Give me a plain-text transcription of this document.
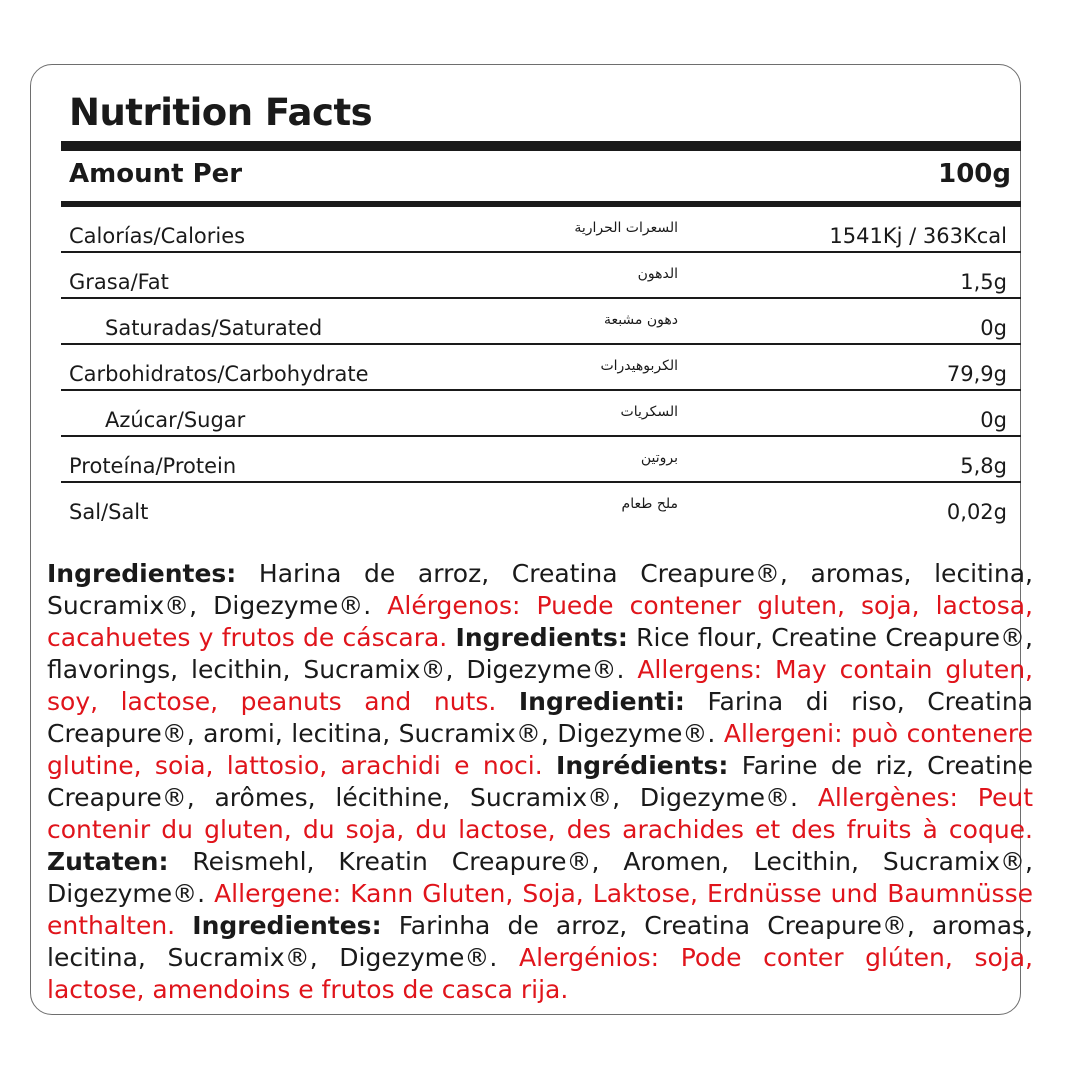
Nutrition Facts
Amount Per	100g
Calorías/Calories	السعرات الحرارية	1541Kj / 363Kcal
Grasa/Fat	الدهون	1,5g
Saturadas/Saturated	دهون مشبعة	0g
Carbohidratos/Carbohydrate	الكربوهيدرات	79,9g
Azúcar/Sugar	السكريات	0g
Proteína/Protein	بروتين	5,8g
Sal/Salt	ملح طعام	0,02g
Ingredientes: Harina de arroz, Creatina Creapure®, aromas, lecitina, Sucramix®, Digezyme®. Alérgenos: Puede contener gluten, soja, lactosa, cacahuetes y frutos de cáscara. Ingredients: Rice flour, Creatine Creapure®, flavorings, lecithin, Sucramix®, Digezyme®. Allergens: May contain gluten, soy, lactose, peanuts and nuts. Ingredienti: Farina di riso, Creatina Creapure®, aromi, lecitina, Sucramix®, Digezyme®. Allergeni: può contenere glutine, soia, lattosio, arachidi e noci. Ingrédients: Farine de riz, Creatine Creapure®, arômes, lécithine, Sucramix®, Digezyme®. Allergènes: Peut contenir du gluten, du soja, du lactose, des arachides et des fruits à coque. Zutaten: Reismehl, Kreatin Creapure®, Aromen, Lecithin, Sucramix®, Digezyme®. Allergene: Kann Gluten, Soja, Laktose, Erdnüsse und Baumnüsse enthalten. Ingredientes: Farinha de arroz, Creatina Creapure®, aromas, lecitina, Sucramix®, Digezyme®. Alergénios: Pode conter glúten, soja, lactose, amendoins e frutos de casca rija.
